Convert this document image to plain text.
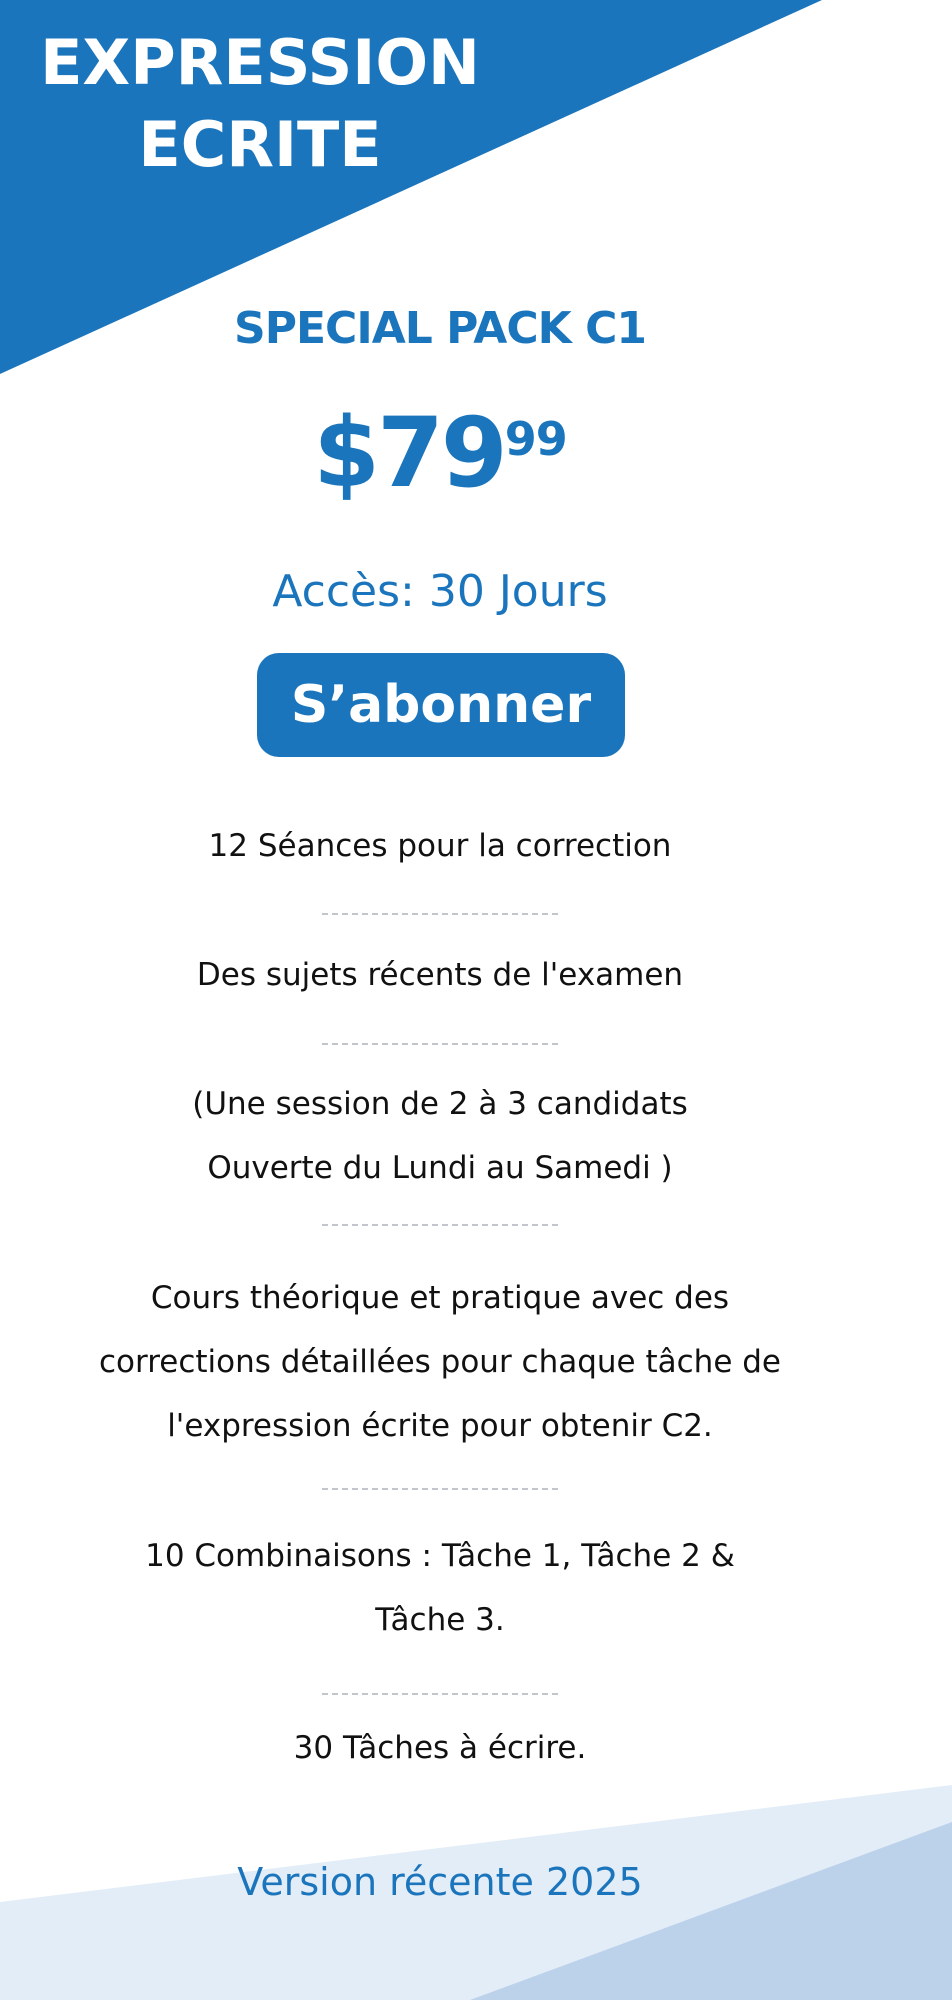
EXPRESSION
ECRITE
SPECIAL PACK C1
$7999
Accès: 30 Jours
S’abonner
12 Séances pour la correction
Des sujets récents de l'examen
(Une session de 2 à 3 candidats
Ouverte du Lundi au Samedi )
Cours théorique et pratique avec des
corrections détaillées pour chaque tâche de
l'expression écrite pour obtenir C2.
10 Combinaisons : Tâche 1, Tâche 2 &
Tâche 3.
30 Tâches à écrire.
Version récente 2025
